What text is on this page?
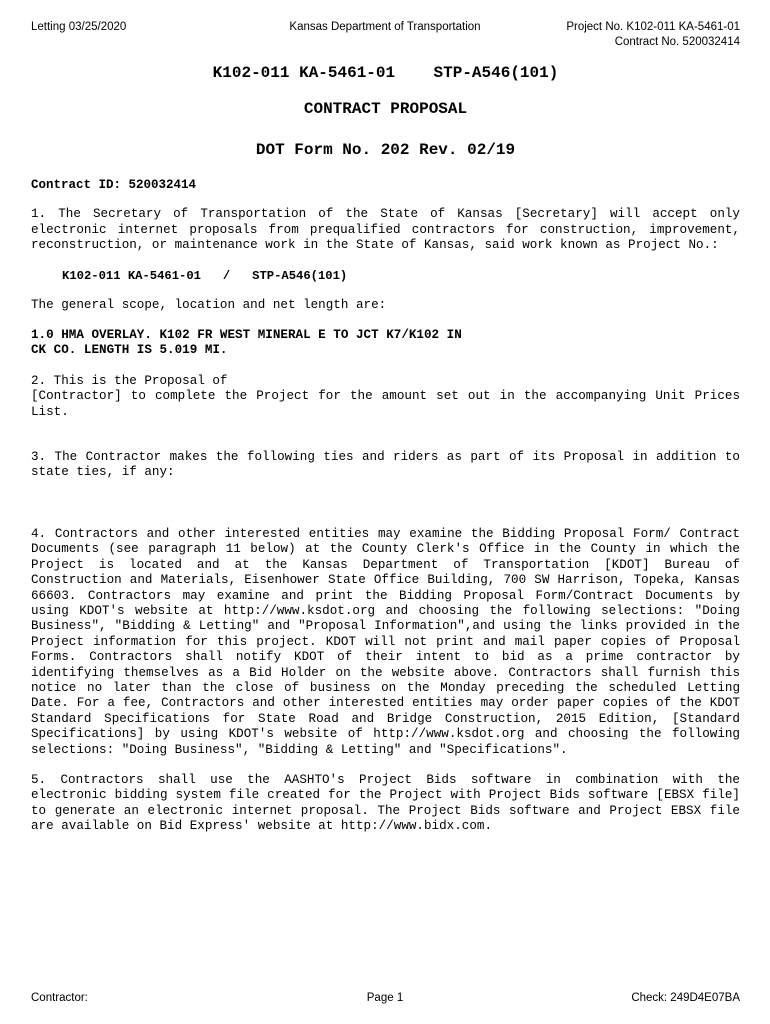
Letting 03/25/2020	Kansas Department of Transportation	Project No. K102-011 KA-5461-01
Contract No. 520032414
K102-011 KA-5461-01    STP-A546(101)
CONTRACT PROPOSAL
DOT Form No. 202 Rev. 02/19
Contract ID: 520032414

1. The Secretary of Transportation of the State of Kansas [Secretary] will accept only electronic internet proposals from prequalified contractors for construction, improvement, reconstruction, or maintenance work in the State of Kansas, said work known as Project No.:

K102-011 KA-5461-01   /   STP-A546(101)
The general scope, location and net length are:
1.0 HMA OVERLAY. K102 FR WEST MINERAL E TO JCT K7/K102 IN
CK CO. LENGTH IS 5.019 MI.
2. This is the Proposal of

[Contractor] to complete the Project for the amount set out in the accompanying Unit Prices List.

3. The Contractor makes the following ties and riders as part of its Proposal in addition to state ties, if any:

4. Contractors and other interested entities may examine the Bidding Proposal Form/ Contract Documents (see paragraph 11 below) at the County Clerk's Office in the County in which the Project is located and at the Kansas Department of Transportation [KDOT] Bureau of Construction and Materials, Eisenhower State Office Building, 700 SW Harrison, Topeka, Kansas 66603. Contractors may examine and print the Bidding Proposal Form/Contract Documents by using KDOT's website at http://www.ksdot.org and choosing the following selections: "Doing Business", "Bidding & Letting" and "Proposal Information",and using the links provided in the Project information for this project. KDOT will not print and mail paper copies of Proposal Forms. Contractors shall notify KDOT of their intent to bid as a prime contractor by identifying themselves as a Bid Holder on the website above. Contractors shall furnish this notice no later than the close of business on the Monday preceding the scheduled Letting Date. For a fee, Contractors and other interested entities may order paper copies of the KDOT Standard Specifications for State Road and Bridge Construction, 2015 Edition, [Standard Specifications] by using KDOT's website of http://www.ksdot.org and choosing the following selections: "Doing Business", "Bidding & Letting" and "Specifications".

5. Contractors shall use the AASHTO's Project Bids software in combination with the electronic bidding system file created for the Project with Project Bids software [EBSX file] to generate an electronic internet proposal. The Project Bids software and Project EBSX file are available on Bid Express' website at http://www.bidx.com.

Contractor:	Page 1	Check: 249D4E07BA
